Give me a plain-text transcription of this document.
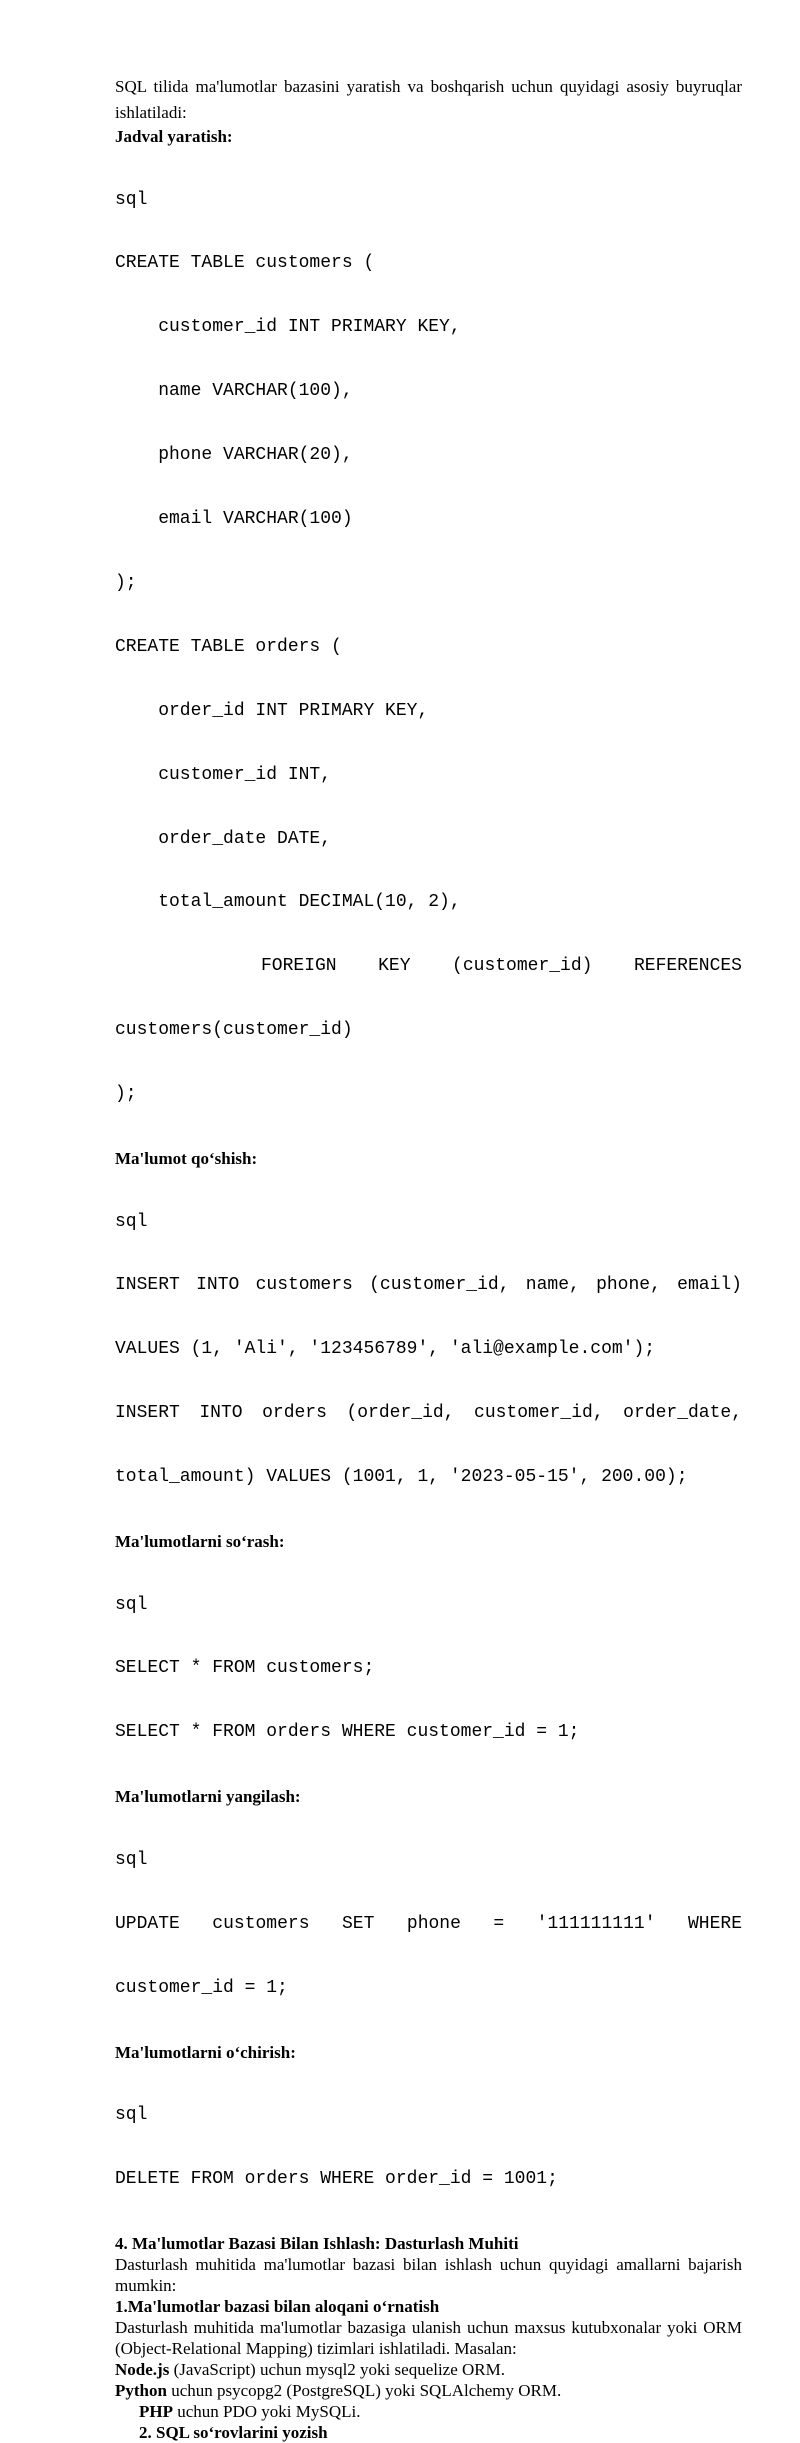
SQL tilida ma'lumotlar bazasini yaratish va boshqarish uchun quyidagi asosiy buyruqlar ishlatiladi:

Jadval yaratish:

sql

CREATE TABLE customers (

customer_id INT PRIMARY KEY,

name VARCHAR(100),

phone VARCHAR(20),

email VARCHAR(100)

);

CREATE TABLE orders (

order_id INT PRIMARY KEY,

customer_id INT,

order_date DATE,

total_amount DECIMAL(10, 2),

FOREIGN KEY (customer_id) REFERENCES

customers(customer_id)

);

Ma'lumot qo‘shish:

sql

INSERT INTO customers (customer_id, name, phone, email)

VALUES (1, 'Ali', '123456789', 'ali@example.com');

INSERT INTO orders (order_id, customer_id, order_date,

total_amount) VALUES (1001, 1, '2023-05-15', 200.00);

Ma'lumotlarni so‘rash:

sql

SELECT * FROM customers;

SELECT * FROM orders WHERE customer_id = 1;

Ma'lumotlarni yangilash:

sql

UPDATE customers SET phone = '111111111' WHERE

customer_id = 1;

Ma'lumotlarni o‘chirish:

sql

DELETE FROM orders WHERE order_id = 1001;

4. Ma'lumotlar Bazasi Bilan Ishlash: Dasturlash Muhiti

Dasturlash muhitida ma'lumotlar bazasi bilan ishlash uchun quyidagi amallarni bajarish mumkin:

1.Ma'lumotlar bazasi bilan aloqani o‘rnatish

Dasturlash muhitida ma'lumotlar bazasiga ulanish uchun maxsus kutubxonalar yoki ORM (Object-Relational Mapping) tizimlari ishlatiladi. Masalan:

Node.js (JavaScript) uchun mysql2 yoki sequelize ORM.

Python uchun psycopg2 (PostgreSQL) yoki SQLAlchemy ORM.

PHP uchun PDO yoki MySQLi.

2. SQL so‘rovlarini yozish
